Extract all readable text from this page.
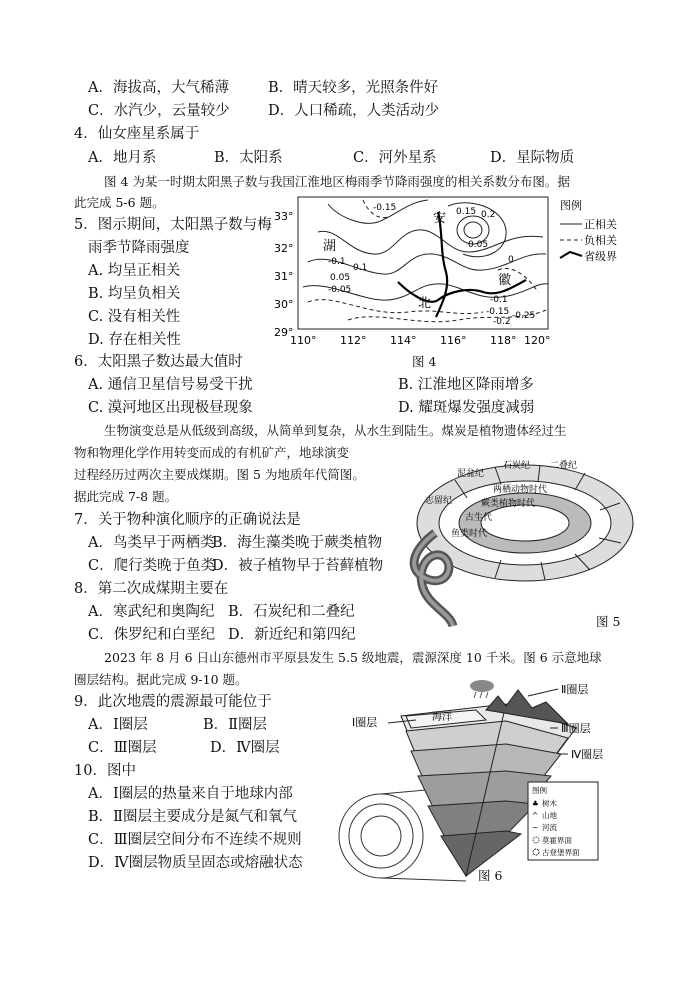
A．海拔高，大气稀薄	B．晴天较多，光照条件好
C．水汽少，云量较少	D．人口稀疏，人类活动少
4．仙女座星系属于
A．地月系	B．太阳系	C．河外星系	D．星际物质
图 4 为某一时期太阳黑子数与我国江淮地区梅雨季节降雨强度的相关系数分布图。据
此完成 5-6 题。
5．图示期间，太阳黑子数与梅
雨季节降雨强度
A. 均呈正相关
B. 均呈负相关
C. 没有相关性
D. 存在相关性
33°
32°
31°
30°
29°
110° 112° 114° 116° 118° 120°
湖
北
安
徽
-0.15
-0.1
0.15 0.2
0.05
0.1
0.05
-0.05
0
-0.1
-0.15
-0.2
-0.25
图 4
图例
正相关
负相关
省级界
6．太阳黑子数达最大值时
A. 通信卫星信号易受干扰	B. 江淮地区降雨增多
C. 漠河地区出现极昼现象	D. 耀斑爆发强度减弱
生物演变总是从低级到高级，从简单到复杂，从水生到陆生。煤炭是植物遗体经过生
物和物理化学作用转变而成的有机矿产，地球演变
过程经历过两次主要成煤期。图 5 为地质年代简图。
据此完成 7-8 题。
7．关于物种演化顺序的正确说法是
A．鸟类早于两栖类
B．海生藻类晚于蕨类植物
C．爬行类晚于鱼类
D．被子植物早于苔藓植物
8．第二次成煤期主要在
A．寒武纪和奥陶纪 B．石炭纪和二叠纪
C．侏罗纪和白垩纪 D．新近纪和第四纪
泥盆纪
石炭纪 二叠纪
志留纪
两栖动物时代
蕨类植物时代
古生代
鱼类时代
图 5
2023 年 8 月 6 日山东德州市平原县发生 5.5 级地震，震源深度 10 千米。图 6 示意地球
圈层结构。据此完成 9-10 题。
9．此次地震的震源最可能位于
A．Ⅰ圈层	B．Ⅱ圈层
C．Ⅲ圈层	D．Ⅳ圈层
10．图中
A．Ⅰ圈层的热量来自于地球内部
B．Ⅱ圈层主要成分是氮气和氧气
C．Ⅲ圈层空间分布不连续不规则
D．Ⅳ圈层物质呈固态或熔融状态
Ⅰ圈层
Ⅱ圈层
Ⅲ圈层
Ⅳ圈层
海洋
图例
♣ 树木
^ 山地
~ 河流
莫霍界面
古登堡界面
图 6
